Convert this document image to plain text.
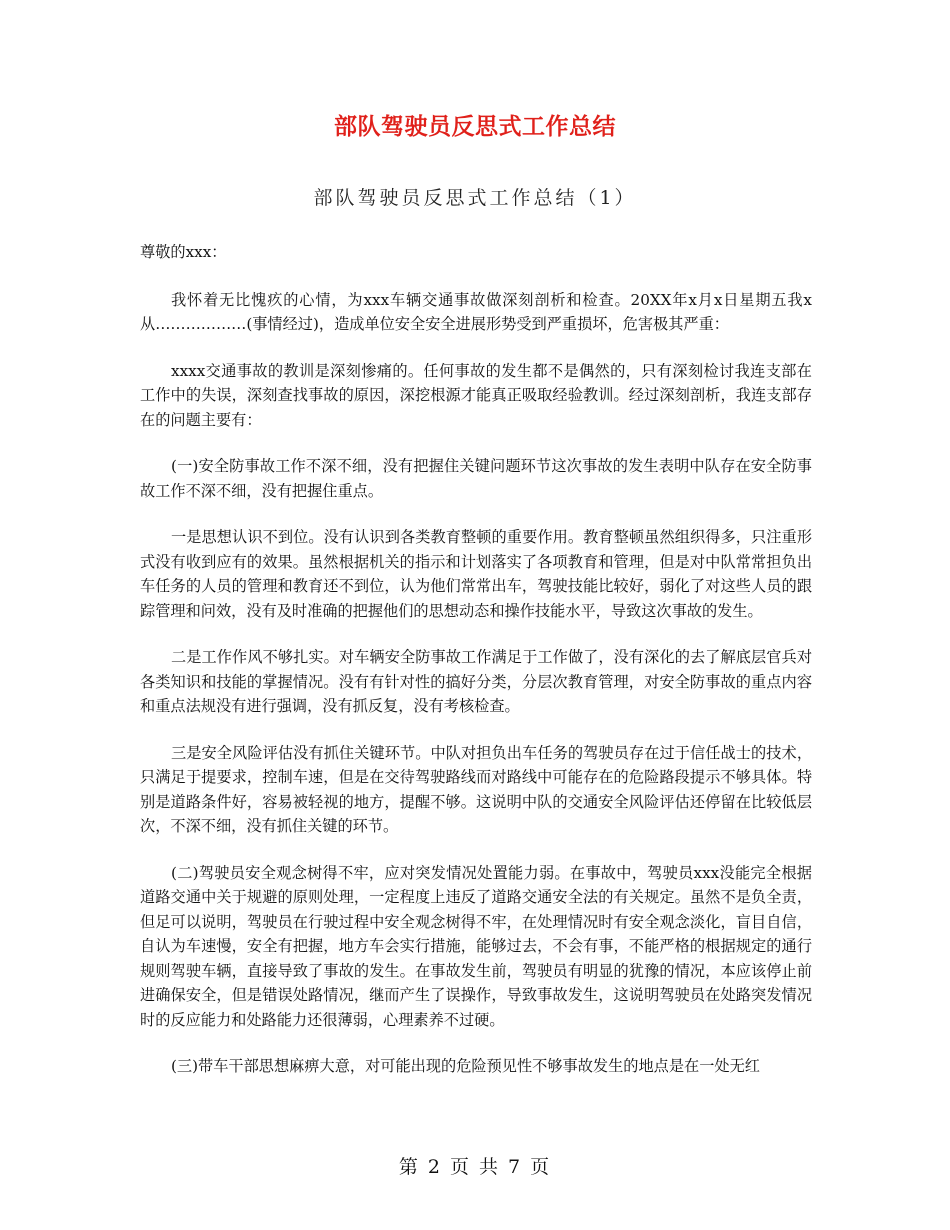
部队驾驶员反思式工作总结
部队驾驶员反思式工作总结（1）

尊敬的xxx：

我怀着无比愧疚的心情，为xxx车辆交通事故做深刻剖析和检查。20XX年x月x日星期五我x从………………(事情经过)，造成单位安全安全进展形势受到严重损坏，危害极其严重：

xxxx交通事故的教训是深刻惨痛的。任何事故的发生都不是偶然的，只有深刻检讨我连支部在工作中的失误，深刻查找事故的原因，深挖根源才能真正吸取经验教训。经过深刻剖析，我连支部存在的问题主要有：

(一)安全防事故工作不深不细，没有把握住关键问题环节这次事故的发生表明中队存在安全防事故工作不深不细，没有把握住重点。

一是思想认识不到位。没有认识到各类教育整顿的重要作用。教育整顿虽然组织得多，只注重形式没有收到应有的效果。虽然根据机关的指示和计划落实了各项教育和管理，但是对中队常常担负出车任务的人员的管理和教育还不到位，认为他们常常出车，驾驶技能比较好，弱化了对这些人员的跟踪管理和问效，没有及时准确的把握他们的思想动态和操作技能水平，导致这次事故的发生。

二是工作作风不够扎实。对车辆安全防事故工作满足于工作做了，没有深化的去了解底层官兵对各类知识和技能的掌握情况。没有有针对性的搞好分类，分层次教育管理，对安全防事故的重点内容和重点法规没有进行强调，没有抓反复，没有考核检查。

三是安全风险评估没有抓住关键环节。中队对担负出车任务的驾驶员存在过于信任战士的技术，只满足于提要求，控制车速，但是在交待驾驶路线而对路线中可能存在的危险路段提示不够具体。特别是道路条件好，容易被轻视的地方，提醒不够。这说明中队的交通安全风险评估还停留在比较低层次，不深不细，没有抓住关键的环节。

(二)驾驶员安全观念树得不牢，应对突发情况处置能力弱。在事故中，驾驶员xxx没能完全根据道路交通中关于规避的原则处理，一定程度上违反了道路交通安全法的有关规定。虽然不是负全责，但足可以说明，驾驶员在行驶过程中安全观念树得不牢，在处理情况时有安全观念淡化，盲目自信，自认为车速慢，安全有把握，地方车会实行措施，能够过去，不会有事，不能严格的根据规定的通行规则驾驶车辆，直接导致了事故的发生。在事故发生前，驾驶员有明显的犹豫的情况，本应该停止前进确保安全，但是错误处路情况，继而产生了误操作，导致事故发生，这说明驾驶员在处路突发情况时的反应能力和处路能力还很薄弱，心理素养不过硬。

(三)带车干部思想麻痹大意，对可能出现的危险预见性不够事故发生的地点是在一处无红

第 2 页 共 7 页
